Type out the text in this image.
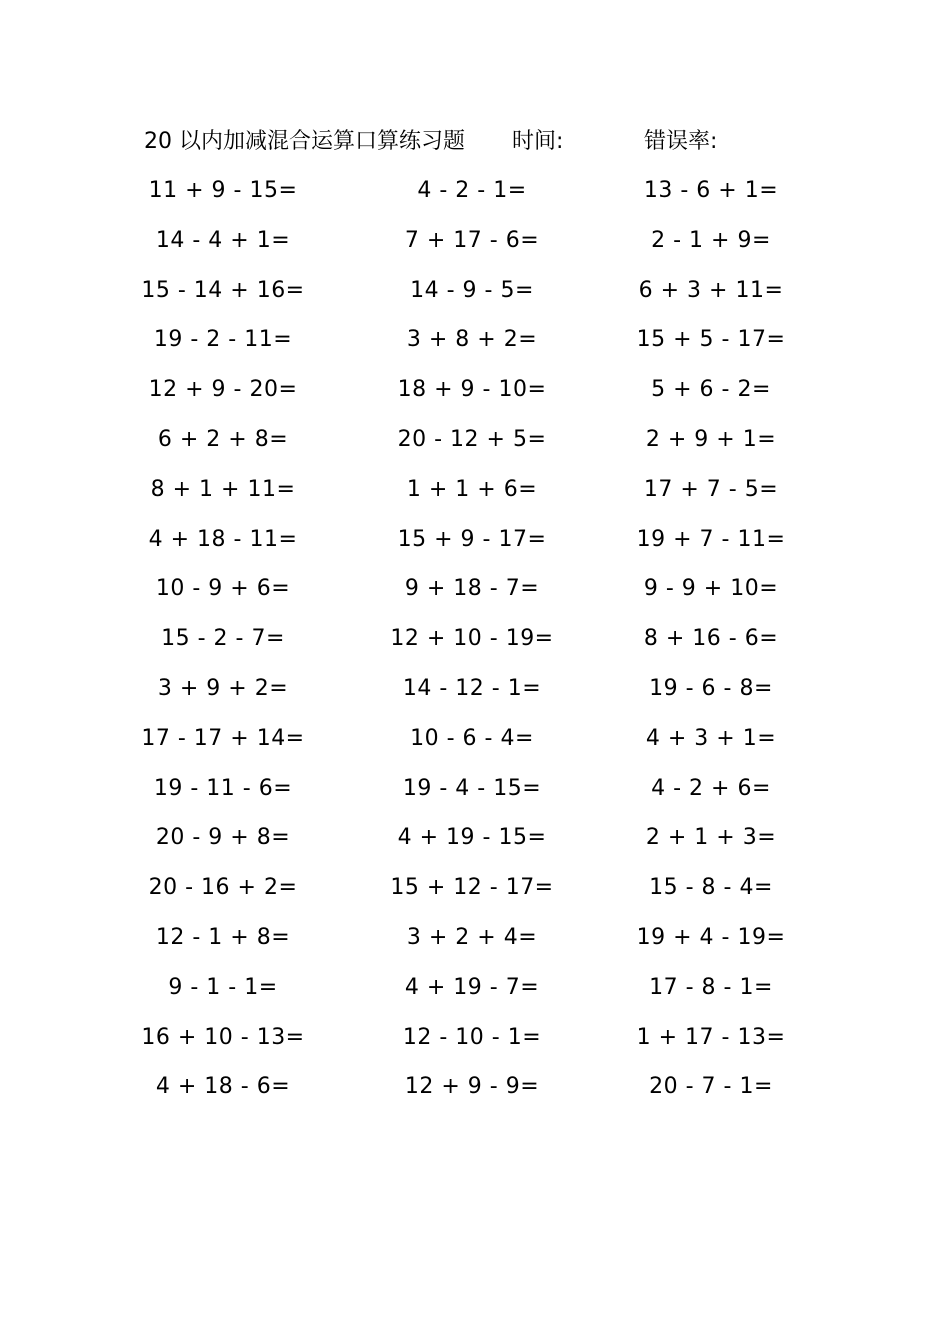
20 以内加减混合运算口算练习题 时间:	错误率:
11 + 9 - 15=	4 - 2 - 1=	13 - 6 + 1=
14 - 4 + 1=	7 + 17 - 6=	2 - 1 + 9=
15 - 14 + 16=	14 - 9 - 5=	6 + 3 + 11=
19 - 2 - 11=	3 + 8 + 2=	15 + 5 - 17=
12 + 9 - 20=	18 + 9 - 10=	5 + 6 - 2=
6 + 2 + 8=	20 - 12 + 5=	2 + 9 + 1=
8 + 1 + 11=	1 + 1 + 6=	17 + 7 - 5=
4 + 18 - 11=	15 + 9 - 17=	19 + 7 - 11=
10 - 9 + 6=	9 + 18 - 7=	9 - 9 + 10=
15 - 2 - 7=	12 + 10 - 19=	8 + 16 - 6=
3 + 9 + 2=	14 - 12 - 1=	19 - 6 - 8=
17 - 17 + 14=	10 - 6 - 4=	4 + 3 + 1=
19 - 11 - 6=	19 - 4 - 15=	4 - 2 + 6=
20 - 9 + 8=	4 + 19 - 15=	2 + 1 + 3=
20 - 16 + 2=	15 + 12 - 17=	15 - 8 - 4=
12 - 1 + 8=	3 + 2 + 4=	19 + 4 - 19=
9 - 1 - 1=	4 + 19 - 7=	17 - 8 - 1=
16 + 10 - 13=	12 - 10 - 1=	1 + 17 - 13=
4 + 18 - 6=	12 + 9 - 9=	20 - 7 - 1=
